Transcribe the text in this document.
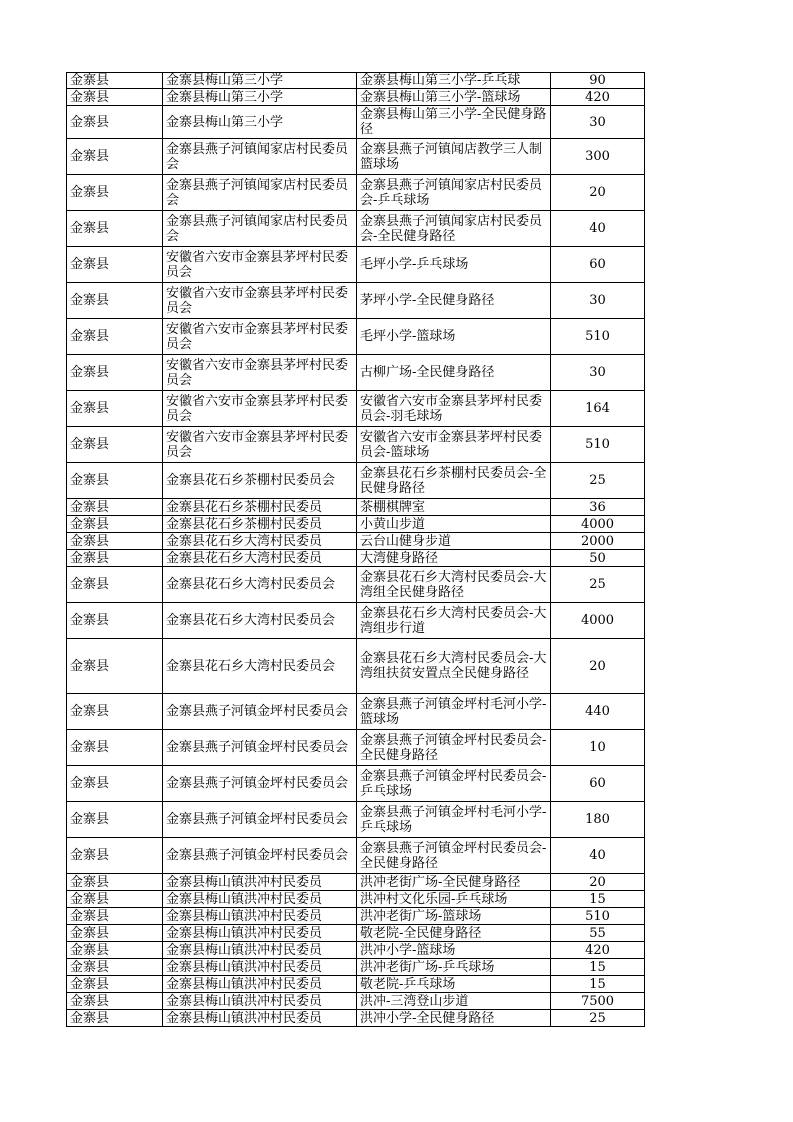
金寨县	金寨县梅山第三小学	金寨县梅山第三小学-乒乓球	90
金寨县	金寨县梅山第三小学	金寨县梅山第三小学-篮球场	420
金寨县	金寨县梅山第三小学	金寨县梅山第三小学-全民健身路径	30
金寨县	金寨县燕子河镇闻家店村民委员会	金寨县燕子河镇闻店教学三人制篮球场	300
金寨县	金寨县燕子河镇闻家店村民委员会	金寨县燕子河镇闻家店村民委员会-乒乓球场	20
金寨县	金寨县燕子河镇闻家店村民委员会	金寨县燕子河镇闻家店村民委员会-全民健身路径	40
金寨县	安徽省六安市金寨县茅坪村民委员会	毛坪小学-乒乓球场	60
金寨县	安徽省六安市金寨县茅坪村民委员会	茅坪小学-全民健身路径	30
金寨县	安徽省六安市金寨县茅坪村民委员会	毛坪小学-篮球场	510
金寨县	安徽省六安市金寨县茅坪村民委员会	古柳广场-全民健身路径	30
金寨县	安徽省六安市金寨县茅坪村民委员会	安徽省六安市金寨县茅坪村民委员会-羽毛球场	164
金寨县	安徽省六安市金寨县茅坪村民委员会	安徽省六安市金寨县茅坪村民委员会-篮球场	510
金寨县	金寨县花石乡茶棚村民委员会	金寨县花石乡茶棚村民委员会-全民健身路径	25
金寨县	金寨县花石乡茶棚村民委员	茶棚棋牌室	36
金寨县	金寨县花石乡茶棚村民委员	小黄山步道	4000
金寨县	金寨县花石乡大湾村民委员	云台山健身步道	2000
金寨县	金寨县花石乡大湾村民委员	大湾健身路径	50
金寨县	金寨县花石乡大湾村民委员会	金寨县花石乡大湾村民委员会-大湾组全民健身路径	25
金寨县	金寨县花石乡大湾村民委员会	金寨县花石乡大湾村民委员会-大湾组步行道	4000
金寨县	金寨县花石乡大湾村民委员会	金寨县花石乡大湾村民委员会-大湾组扶贫安置点全民健身路径	20
金寨县	金寨县燕子河镇金坪村民委员会	金寨县燕子河镇金坪村毛河小学-篮球场	440
金寨县	金寨县燕子河镇金坪村民委员会	金寨县燕子河镇金坪村民委员会-全民健身路径	10
金寨县	金寨县燕子河镇金坪村民委员会	金寨县燕子河镇金坪村民委员会-乒乓球场	60
金寨县	金寨县燕子河镇金坪村民委员会	金寨县燕子河镇金坪村毛河小学-乒乓球场	180
金寨县	金寨县燕子河镇金坪村民委员会	金寨县燕子河镇金坪村民委员会-全民健身路径	40
金寨县	金寨县梅山镇洪冲村民委员	洪冲老街广场-全民健身路径	20
金寨县	金寨县梅山镇洪冲村民委员	洪冲村文化乐园-乒乓球场	15
金寨县	金寨县梅山镇洪冲村民委员	洪冲老街广场-篮球场	510
金寨县	金寨县梅山镇洪冲村民委员	敬老院-全民健身路径	55
金寨县	金寨县梅山镇洪冲村民委员	洪冲小学-篮球场	420
金寨县	金寨县梅山镇洪冲村民委员	洪冲老街广场-乒乓球场	15
金寨县	金寨县梅山镇洪冲村民委员	敬老院-乒乓球场	15
金寨县	金寨县梅山镇洪冲村民委员	洪冲-三湾登山步道	7500
金寨县	金寨县梅山镇洪冲村民委员	洪冲小学-全民健身路径	25
